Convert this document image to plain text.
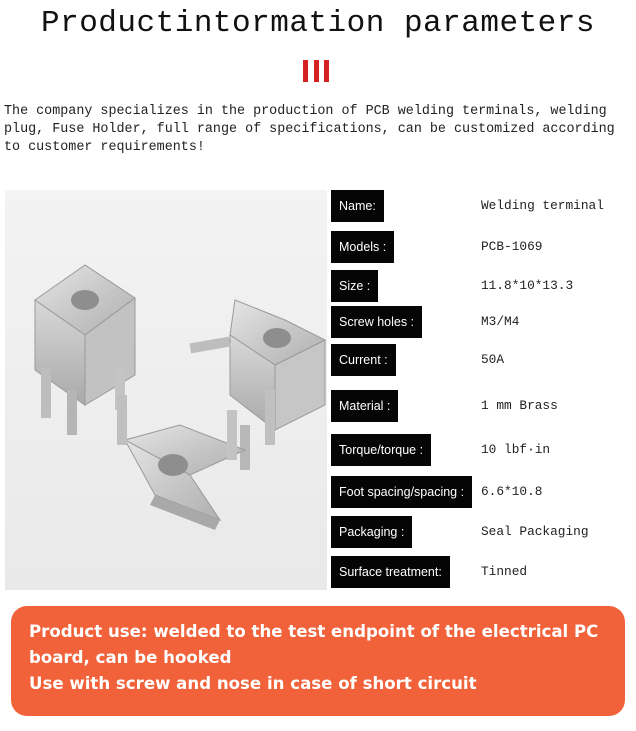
Productintormation parameters
The company specializes in the production of PCB welding terminals, welding plug, Fuse Holder, full range of specifications, can be customized according to customer requirements!
Name:	Welding terminal
Models :	PCB-1069
Size :	11.8*10*13.3
Screw holes :	M3/M4
Current :	50A
Material :	1 mm Brass
Torque/torque :	10 lbf·in
Foot spacing/spacing :	6.6*10.8
Packaging :	Seal Packaging
Surface treatment:	Tinned
Product use: welded to the test endpoint of the electrical PC board, can be hooked
Use with screw and nose in case of short circuit
